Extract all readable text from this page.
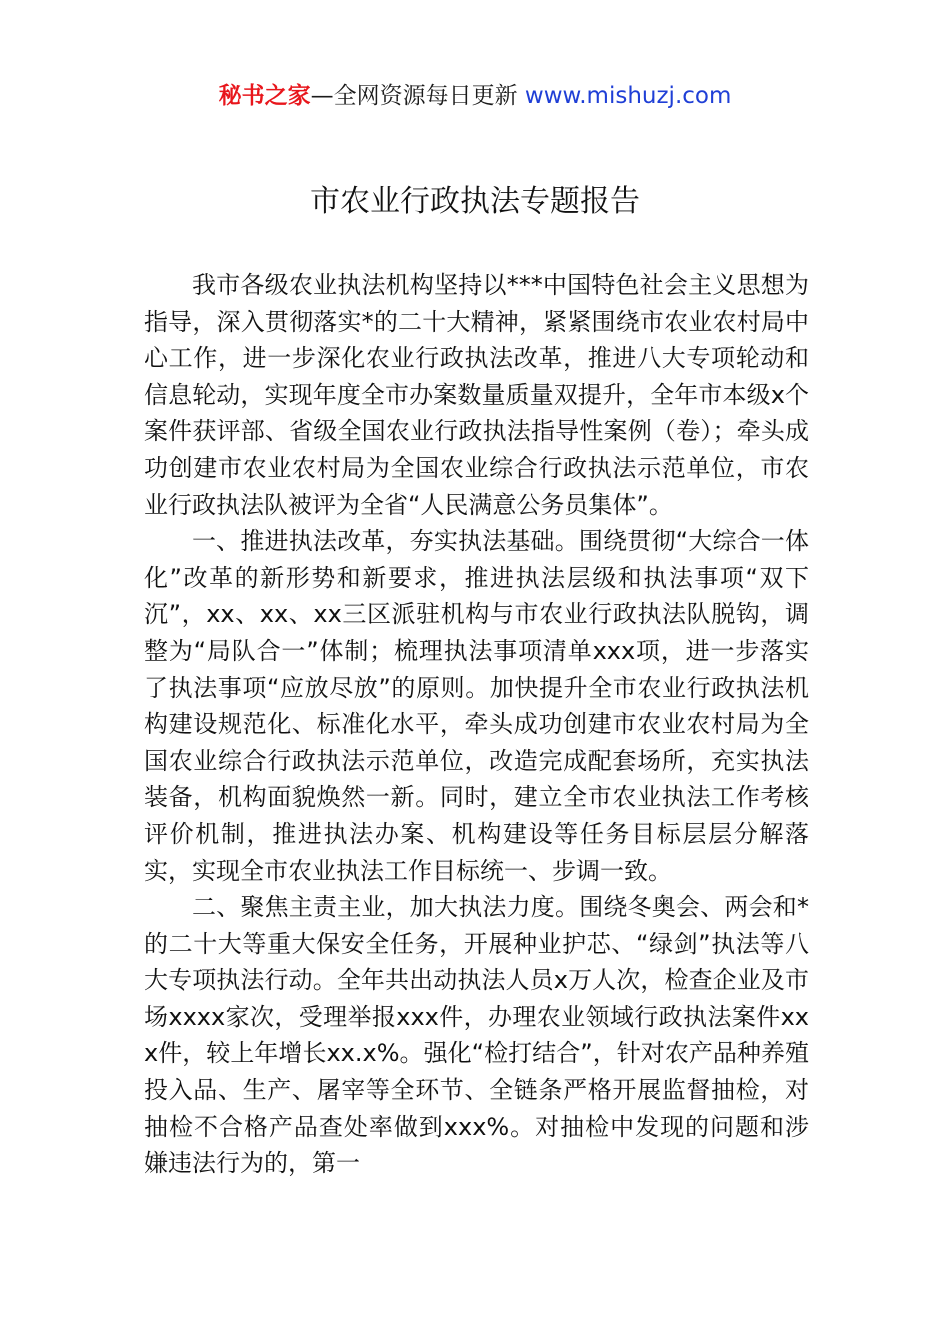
秘书之家—全网资源每日更新 www.mishuzj.com
市农业行政执法专题报告

我市各级农业执法机构坚持以***中国特色社会主义思想为指导，深入贯彻落实*的二十大精神，紧紧围绕市农业农村局中心工作，进一步深化农业行政执法改革，推进八大专项轮动和信息轮动，实现年度全市办案数量质量双提升，全年市本级x个案件获评部、省级全国农业行政执法指导性案例（卷）；牵头成功创建市农业农村局为全国农业综合行政执法示范单位，市农业行政执法队被评为全省“人民满意公务员集体”。

一、推进执法改革，夯实执法基础。围绕贯彻“大综合一体化”改革的新形势和新要求，推进执法层级和执法事项“双下沉”，xx、xx、xx三区派驻机构与市农业行政执法队脱钩，调整为“局队合一”体制；梳理执法事项清单xxx项，进一步落实了执法事项“应放尽放”的原则。加快提升全市农业行政执法机构建设规范化、标准化水平，牵头成功创建市农业农村局为全国农业综合行政执法示范单位，改造完成配套场所，充实执法装备，机构面貌焕然一新。同时，建立全市农业执法工作考核评价机制，推进执法办案、机构建设等任务目标层层分解落实，实现全市农业执法工作目标统一、步调一致。

二、聚焦主责主业，加大执法力度。围绕冬奥会、两会和*的二十大等重大保安全任务，开展种业护芯、“绿剑”执法等八大专项执法行动。全年共出动执法人员x万人次，检查企业及市场xxxx家次，受理举报xxx件，办理农业领域行政执法案件xxx件，较上年增长xx.x%。强化“检打结合”，针对农产品种养殖投入品、生产、屠宰等全环节、全链条严格开展监督抽检，对抽检不合格产品查处率做到xxx%。对抽检中发现的问题和涉嫌违法行为的，第一
